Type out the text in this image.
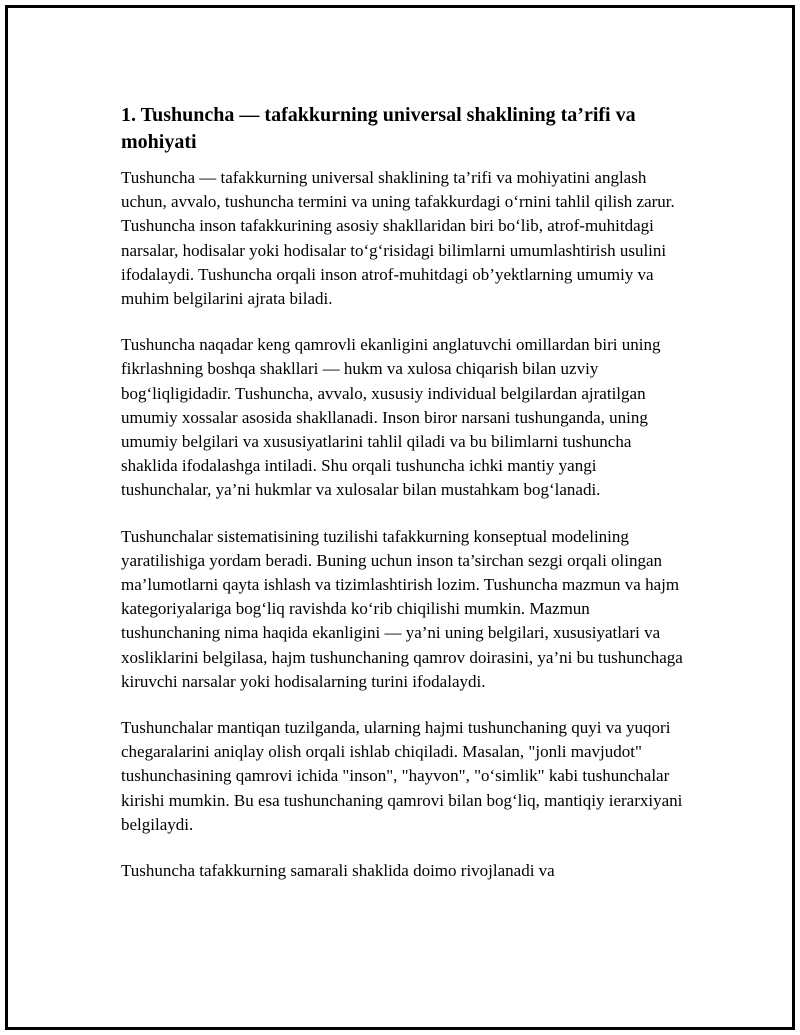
1. Tushuncha — tafakkurning universal shaklining ta’rifi va mohiyati

Tushuncha — tafakkurning universal shaklining ta’rifi va mohiyatini anglash uchun, avvalo, tushuncha termini va uning tafakkurdagi o‘rnini tahlil qilish zarur. Tushuncha inson tafakkurining asosiy shakllaridan biri bo‘lib, atrof-muhitdagi narsalar, hodisalar yoki hodisalar to‘g‘risidagi bilimlarni umumlashtirish usulini ifodalaydi. Tushuncha orqali inson atrof-muhitdagi ob’yektlarning umumiy va muhim belgilarini ajrata biladi.

Tushuncha naqadar keng qamrovli ekanligini anglatuvchi omillardan biri uning fikrlashning boshqa shakllari — hukm va xulosa chiqarish bilan uzviy bog‘liqligidadir. Tushuncha, avvalo, xususiy individual belgilardan ajratilgan umumiy xossalar asosida shakllanadi. Inson biror narsani tushunganda, uning umumiy belgilari va xususiyatlarini tahlil qiladi va bu bilimlarni tushuncha shaklida ifodalashga intiladi. Shu orqali tushuncha ichki mantiy yangi tushunchalar, ya’ni hukmlar va xulosalar bilan mustahkam bog‘lanadi.

Tushunchalar sistematisining tuzilishi tafakkurning konseptual modelining yaratilishiga yordam beradi. Buning uchun inson ta’sirchan sezgi orqali olingan ma’lumotlarni qayta ishlash va tizimlashtirish lozim. Tushuncha mazmun va hajm kategoriyalariga bog‘liq ravishda ko‘rib chiqilishi mumkin. Mazmun tushunchaning nima haqida ekanligini — ya’ni uning belgilari, xususiyatlari va xosliklarini belgilasa, hajm tushunchaning qamrov doirasini, ya’ni bu tushunchaga kiruvchi narsalar yoki hodisalarning turini ifodalaydi.

Tushunchalar mantiqan tuzilganda, ularning hajmi tushunchaning quyi va yuqori chegaralarini aniqlay olish orqali ishlab chiqiladi. Masalan, "jonli mavjudot" tushunchasining qamrovi ichida "inson", "hayvon", "o‘simlik" kabi tushunchalar kirishi mumkin. Bu esa tushunchaning qamrovi bilan bog‘liq, mantiqiy ierarxiyani belgilaydi.

Tushuncha tafakkurning samarali shaklida doimo rivojlanadi va
